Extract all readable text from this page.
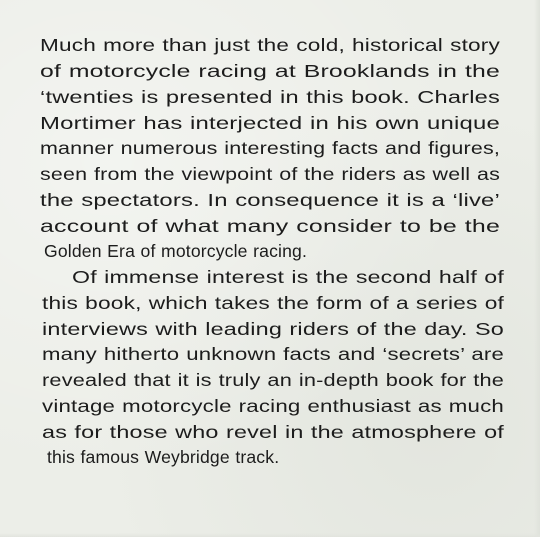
Much more than just the cold, historical story
of motorcycle racing at Brooklands in the
‘twenties is presented in this book. Charles
Mortimer has interjected in his own unique
manner numerous interesting facts and figures,
seen from the viewpoint of the riders as well as
the spectators. In consequence it is a ‘live’
account of what many consider to be the
Golden Era of motorcycle racing.
Of immense interest is the second half of
this book, which takes the form of a series of
interviews with leading riders of the day. So
many hitherto unknown facts and ‘secrets’ are
revealed that it is truly an in-depth book for the
vintage motorcycle racing enthusiast as much
as for those who revel in the atmosphere of
this famous Weybridge track.
